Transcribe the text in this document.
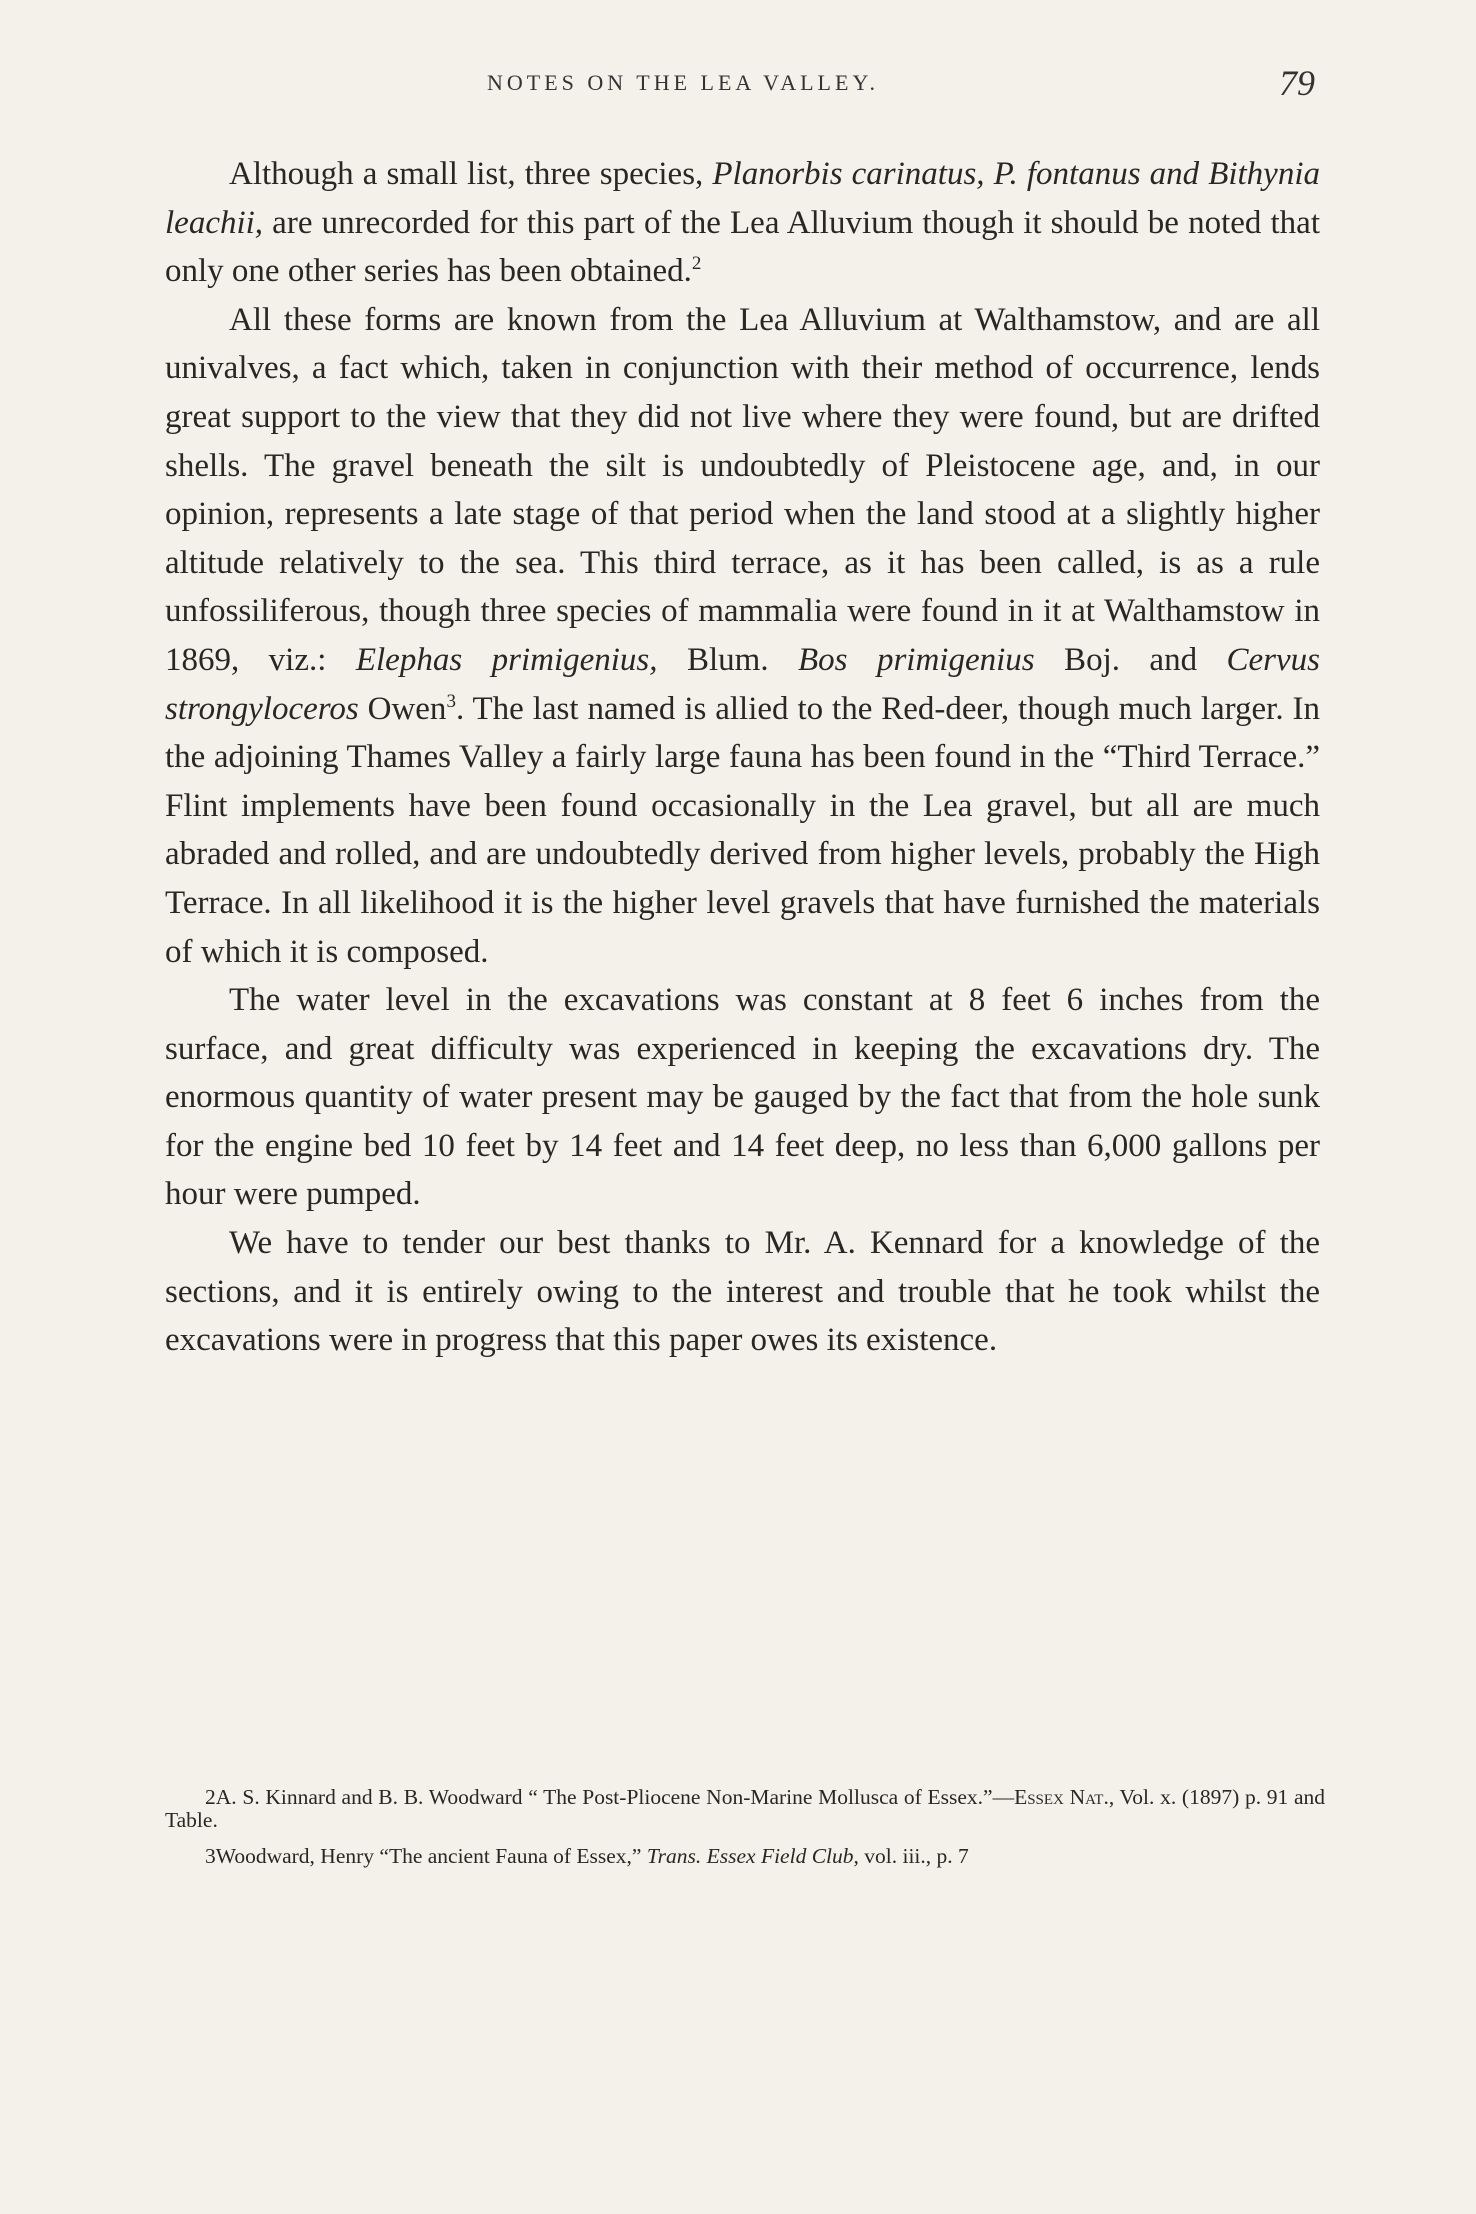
NOTES ON THE LEA VALLEY.	79

Although a small list, three species, Planorbis carinatus, P. fontanus and Bithynia leachii, are unrecorded for this part of the Lea Alluvium though it should be noted that only one other series has been obtained.$^2$

All these forms are known from the Lea Alluvium at Walthamstow, and are all univalves, a fact which, taken in conjunction with their method of occurrence, lends great support to the view that they did not live where they were found, but are drifted shells. The gravel beneath the silt is undoubtedly of Pleistocene age, and, in our opinion, represents a late stage of that period when the land stood at a slightly higher altitude relatively to the sea. This third terrace, as it has been called, is as a rule unfossiliferous, though three species of mammalia were found in it at Walthamstow in 1869, viz.: Elephas primigenius, Blum. Bos primigenius Boj. and Cervus strongyloceros Owen$^3$. The last named is allied to the Red-deer, though much larger. In the adjoining Thames Valley a fairly large fauna has been found in the “Third Terrace.” Flint implements have been found occasionally in the Lea gravel, but all are much abraded and rolled, and are undoubtedly derived from higher levels, probably the High Terrace. In all likelihood it is the higher level gravels that have furnished the materials of which it is composed.

The water level in the excavations was constant at 8 feet 6 inches from the surface, and great difficulty was experienced in keeping the excavations dry. The enormous quantity of water present may be gauged by the fact that from the hole sunk for the engine bed 10 feet by 14 feet and 14 feet deep, no less than 6,000 gallons per hour were pumped.

We have to tender our best thanks to Mr. A. Kennard for a knowledge of the sections, and it is entirely owing to the interest and trouble that he took whilst the excavations were in progress that this paper owes its existence.

2A. S. Kinnard and B. B. Woodward “ The Post-Pliocene Non-Marine Mollusca of Essex.”—Essex Nat., Vol. x. (1897) p. 91 and Table.

3Woodward, Henry “The ancient Fauna of Essex,” Trans. Essex Field Club, vol. iii., p. 7
